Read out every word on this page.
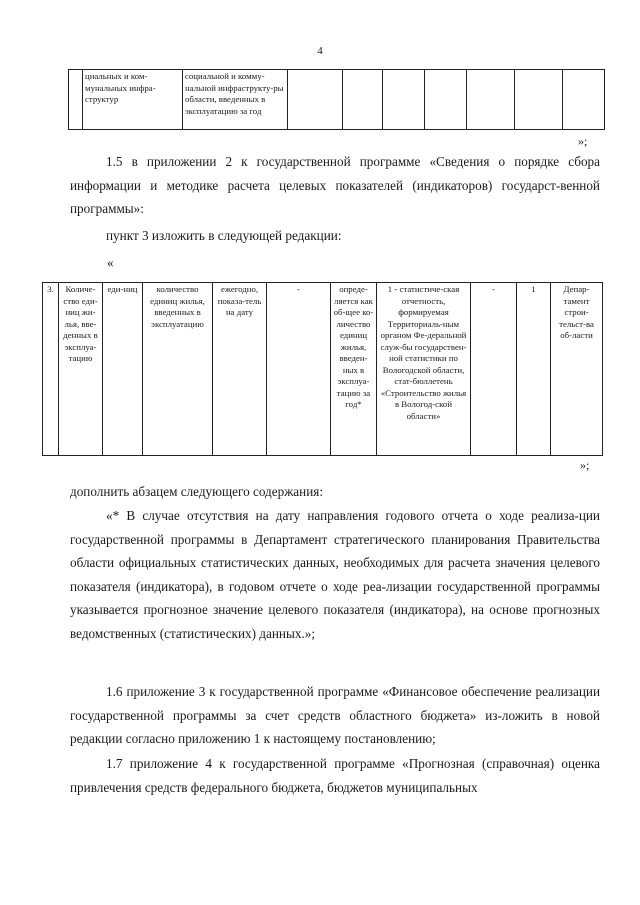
4
	циальных и ком-мунальных инфра-структур	социальной и комму-нальной инфраструкту-ры области, введенных в эксплуатацию за год							
»;

1.5 в приложении 2 к государственной программе «Сведения о порядке сбора информации и методике расчета целевых показателей (индикаторов) государст-венной программы»:

пункт 3 изложить в следующей редакции:

«
3.	Количе-ство еди-ниц жи-лья, вве-денных в эксплуа-тацию	еди-ниц	количество единиц жилья, введенных в эксплуатацию	ежегодно, показа-тель на дату	-	опреде-ляется как об-щее ко-личество единиц жилья, введен-ных в эксплуа-тацию за год*	1 - статистиче-ская отчетность, формируемая Территориаль-ным органом Фе-деральной служ-бы государствен-ной статистики по Вологодской области, стат-бюллетень «Строительство жилья в Вологод-ской области»	-	1	Депар-тамент строи-тельст-ва об-ласти
»;

дополнить абзацем следующего содержания:

«* В случае отсутствия на дату направления годового отчета о ходе реализа-ции государственной программы в Департамент стратегического планирования Правительства области официальных статистических данных, необходимых для расчета значения целевого показателя (индикатора), в годовом отчете о ходе реа-лизации государственной программы указывается прогнозное значение целевого показателя (индикатора), на основе прогнозных ведомственных (статистических) данных.»;

1.6 приложение 3 к государственной программе «Финансовое обеспечение реализации государственной программы за счет средств областного бюджета» из-ложить в новой редакции согласно приложению 1 к настоящему постановлению;

1.7 приложение 4 к государственной программе «Прогнозная (справочная) оценка привлечения средств федерального бюджета, бюджетов муниципальных
